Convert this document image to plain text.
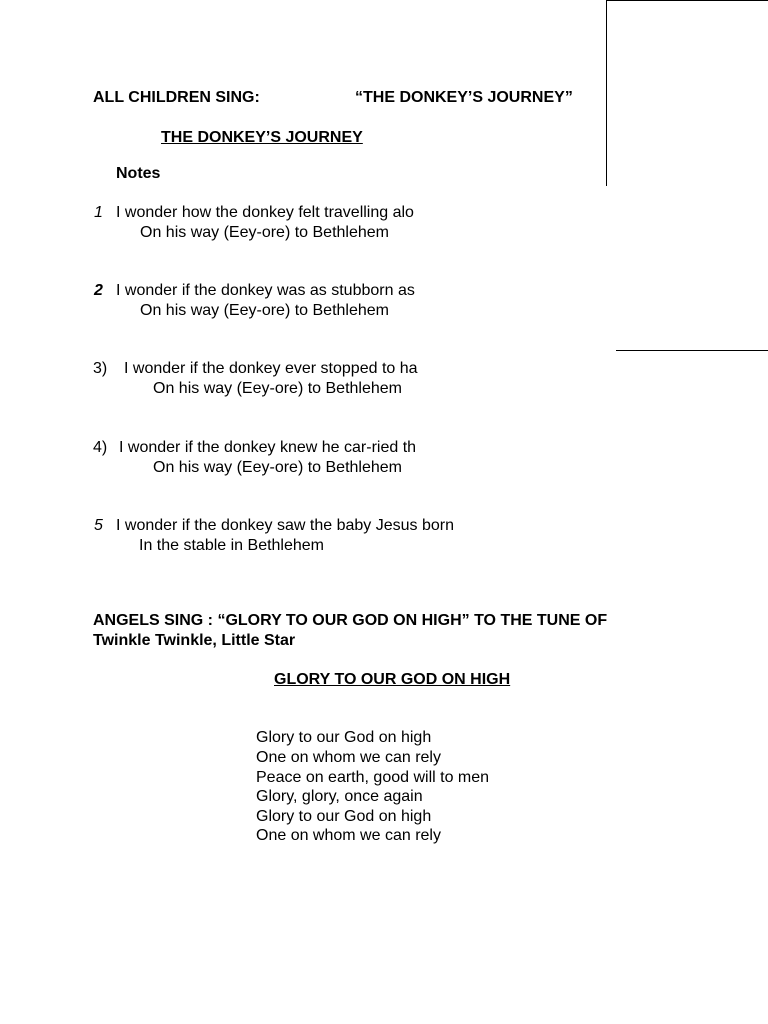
ALL CHILDREN SING:	“THE DONKEY’S JOURNEY”
THE DONKEY’S JOURNEY
Notes
1 I wonder how the donkey felt travelling alo
On his way (Eey-ore) to Bethlehem
2 I wonder if the donkey was as stubborn as
On his way (Eey-ore) to Bethlehem
3) I wonder if the donkey ever stopped to ha
On his way (Eey-ore) to Bethlehem
4) I wonder if the donkey knew he car-ried th
On his way (Eey-ore) to Bethlehem
5 I wonder if the donkey saw the baby Jesus born
In the stable in Bethlehem
ANGELS SING : “GLORY TO OUR GOD ON HIGH” TO THE TUNE OF
Twinkle Twinkle, Little Star
GLORY TO OUR GOD ON HIGH
Glory to our God on high
One on whom we can rely
Peace on earth, good will to men
Glory, glory, once again
Glory to our God on high
One on whom we can rely
